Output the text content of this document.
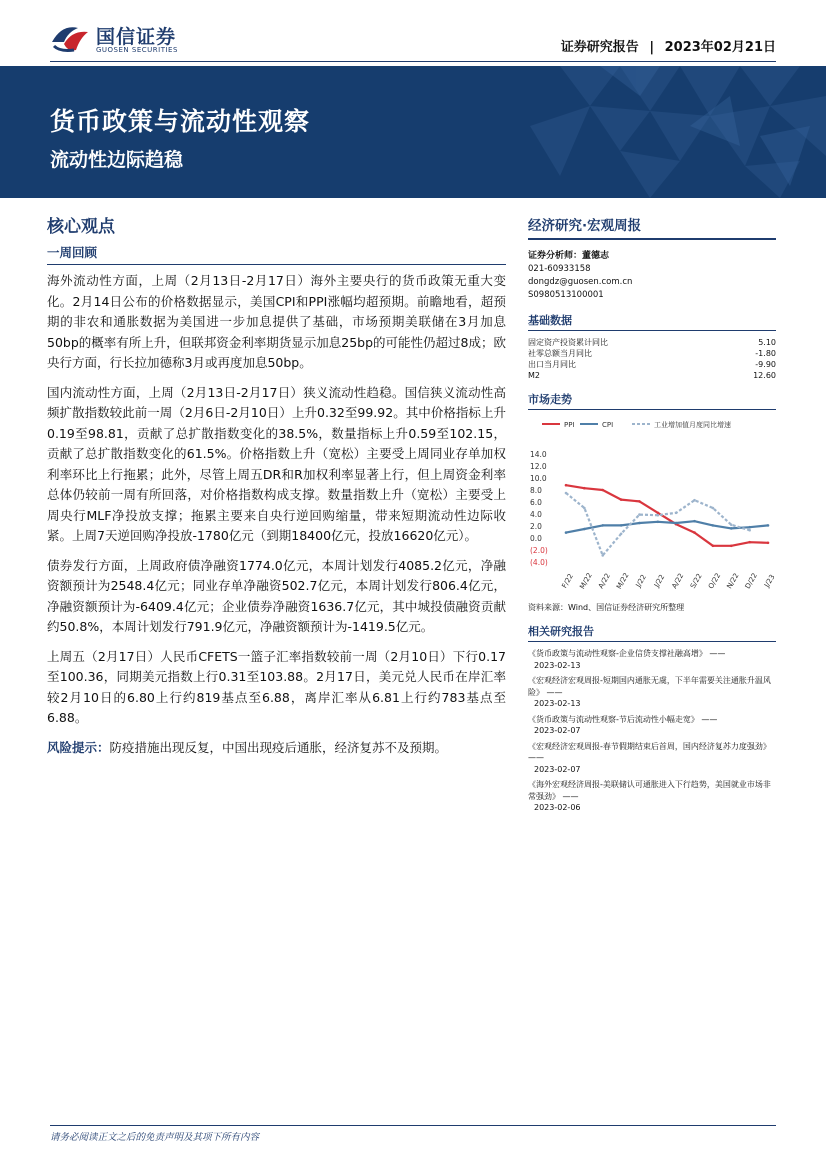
国信证券
GUOSEN SECURITIES	证券研究报告 | 2023年02月21日
货币政策与流动性观察
流动性边际趋稳
核心观点
一周回顾

海外流动性方面，上周（2月13日-2月17日）海外主要央行的货币政策无重大变化。2月14日公布的价格数据显示，美国CPI和PPI涨幅均超预期。前瞻地看，超预期的非农和通胀数据为美国进一步加息提供了基础，市场预期美联储在3月加息50bp的概率有所上升，但联邦资金利率期货显示加息25bp的可能性仍超过8成；欧央行方面，行长拉加德称3月或再度加息50bp。

国内流动性方面，上周（2月13日-2月17日）狭义流动性趋稳。国信狭义流动性高频扩散指数较此前一周（2月6日-2月10日）上升0.32至99.92。其中价格指标上升0.19至98.81，贡献了总扩散指数变化的38.5%，数量指标上升0.59至102.15，贡献了总扩散指数变化的61.5%。价格指数上升（宽松）主要受上周同业存单加权利率环比上行拖累；此外，尽管上周五DR和R加权利率显著上行，但上周资金利率总体仍较前一周有所回落，对价格指数构成支撑。数量指数上升（宽松）主要受上周央行MLF净投放支撑；拖累主要来自央行逆回购缩量，带来短期流动性边际收紧。上周7天逆回购净投放-1780亿元（到期18400亿元，投放16620亿元）。

债券发行方面，上周政府债净融资1774.0亿元，本周计划发行4085.2亿元，净融资额预计为2548.4亿元；同业存单净融资502.7亿元，本周计划发行806.4亿元，净融资额预计为-6409.4亿元；企业债券净融资1636.7亿元，其中城投债融资贡献约50.8%，本周计划发行791.9亿元，净融资额预计为-1419.5亿元。

上周五（2月17日）人民币CFETS一篮子汇率指数较前一周（2月10日）下行0.17至100.36，同期美元指数上行0.31至103.88。2月17日，美元兑人民币在岸汇率较2月10日的6.80上行约819基点至6.88，离岸汇率从6.81上行约783基点至6.88。

风险提示：防疫措施出现反复，中国出现疫后通胀，经济复苏不及预期。

经济研究·宏观周报
证券分析师：董德志
021-60933158
dongdz@guosen.com.cn
S0980513100001
基础数据
固定资产投资累计同比	5.10
社零总额当月同比	-1.80
出口当月同比	-9.90
M2	12.60
市场走势
PPI	CPI	工业增加值月度同比增速
14.0
12.0
10.0
8.0
6.0
4.0
2.0
0.0
(2.0)
(4.0)
F/22 M/22 A/22 M/22 J/22 J/22 A/22 S/22 O/22 N/22 D/22 J/23
资料来源：Wind、国信证券经济研究所整理
相关研究报告
《货币政策与流动性观察-企业信贷支撑社融高增》 ——
2023-02-13
《宏观经济宏观周报-短期国内通胀无虞，下半年需要关注通胀升温风险》 ——
2023-02-13
《货币政策与流动性观察-节后流动性小幅走宽》 ——
2023-02-07
《宏观经济宏观周报-春节假期结束后首周，国内经济复苏力度强劲》 ——
2023-02-07
《海外宏观经济周报-美联储认可通胀进入下行趋势，美国就业市场非常强劲》 ——
2023-02-06
请务必阅读正文之后的免责声明及其项下所有内容
